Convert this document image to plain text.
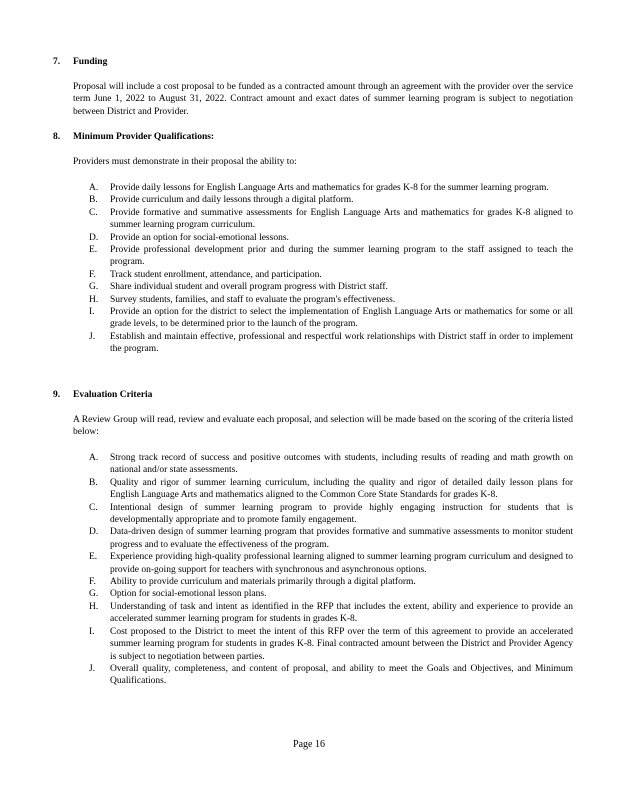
7. Funding
Proposal will include a cost proposal to be funded as a contracted amount through an agreement with the provider over the service term June 1, 2022 to August 31, 2022. Contract amount and exact dates of summer learning program is subject to negotiation between District and Provider.
8. Minimum Provider Qualifications:
Providers must demonstrate in their proposal the ability to:
A. Provide daily lessons for English Language Arts and mathematics for grades K-8 for the summer learning program.
B. Provide curriculum and daily lessons through a digital platform.
C. Provide formative and summative assessments for English Language Arts and mathematics for grades K-8 aligned to summer learning program curriculum.
D. Provide an option for social-emotional lessons.
E. Provide professional development prior and during the summer learning program to the staff assigned to teach the program.
F. Track student enrollment, attendance, and participation.
G. Share individual student and overall program progress with District staff.
H. Survey students, families, and staff to evaluate the program's effectiveness.
I. Provide an option for the district to select the implementation of English Language Arts or mathematics for some or all grade levels, to be determined prior to the launch of the program.
J. Establish and maintain effective, professional and respectful work relationships with District staff in order to implement the program.
9. Evaluation Criteria
A Review Group will read, review and evaluate each proposal, and selection will be made based on the scoring of the criteria listed below:
A. Strong track record of success and positive outcomes with students, including results of reading and math growth on national and/or state assessments.
B. Quality and rigor of summer learning curriculum, including the quality and rigor of detailed daily lesson plans for English Language Arts and mathematics aligned to the Common Core State Standards for grades K-8.
C. Intentional design of summer learning program to provide highly engaging instruction for students that is developmentally appropriate and to promote family engagement.
D. Data-driven design of summer learning program that provides formative and summative assessments to monitor student progress and to evaluate the effectiveness of the program.
E. Experience providing high-quality professional learning aligned to summer learning program curriculum and designed to provide on-going support for teachers with synchronous and asynchronous options.
F. Ability to provide curriculum and materials primarily through a digital platform.
G. Option for social-emotional lesson plans.
H. Understanding of task and intent as identified in the RFP that includes the extent, ability and experience to provide an accelerated summer learning program for students in grades K-8.
I. Cost proposed to the District to meet the intent of this RFP over the term of this agreement to provide an accelerated summer learning program for students in grades K-8. Final contracted amount between the District and Provider Agency is subject to negotiation between parties.
J. Overall quality, completeness, and content of proposal, and ability to meet the Goals and Objectives, and Minimum Qualifications.
Page 16
